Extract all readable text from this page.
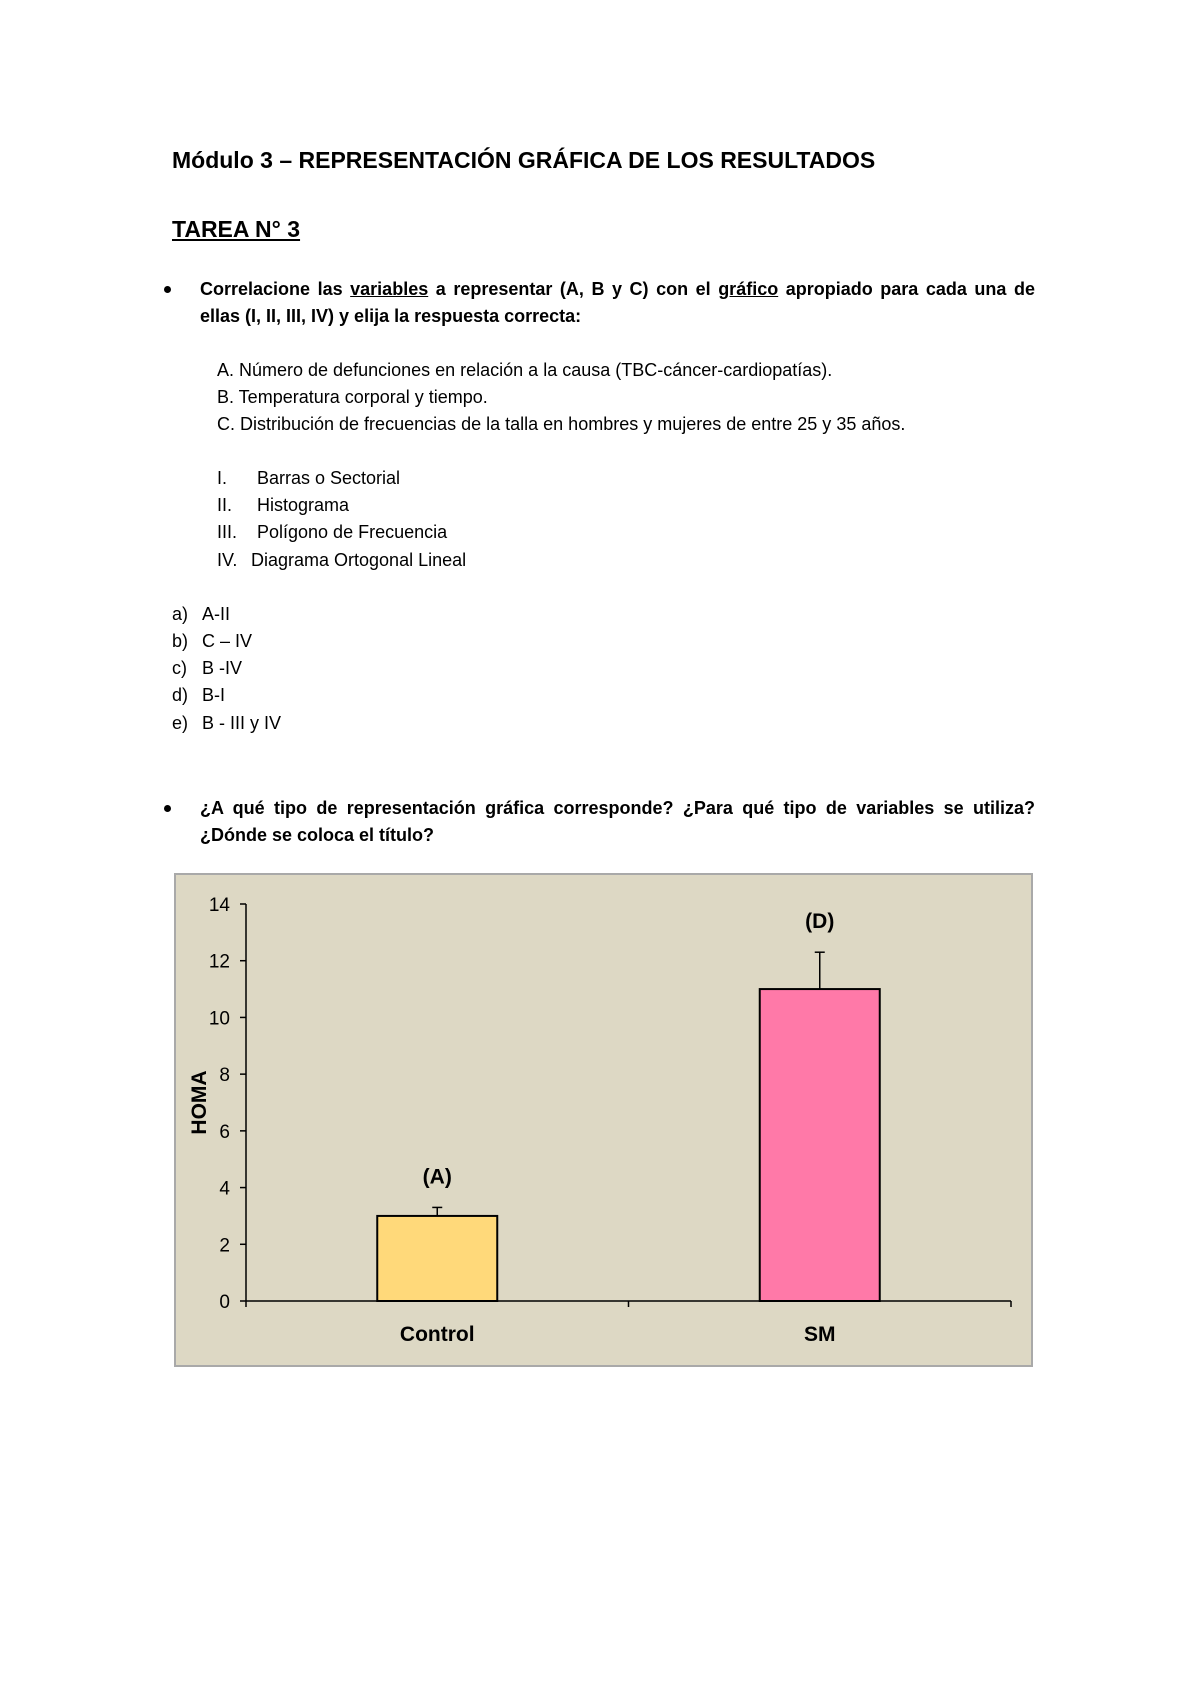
Módulo 3 – REPRESENTACIÓN GRÁFICA DE LOS RESULTADOS
TAREA N° 3
Correlacione las variables a representar (A, B y C) con el gráfico apropiado para cada una de ellas (I, II, III, IV) y elija la respuesta correcta:
A. Número de defunciones en relación a la causa (TBC-cáncer-cardiopatías).
B. Temperatura corporal y tiempo.
C. Distribución de frecuencias de la talla en hombres y mujeres de entre 25 y 35 años.
I. Barras o Sectorial
II. Histograma
III. Polígono de Frecuencia
IV. Diagrama Ortogonal Lineal
a) A-II
b) C – IV
c) B -IV
d) B-I
e) B - III y IV
¿A qué tipo de representación gráfica corresponde? ¿Para qué tipo de variables se utiliza? ¿Dónde se coloca el título?
0
2
4
6
8
10
12
14
HOMA
(A)
Control
(D)
SM
